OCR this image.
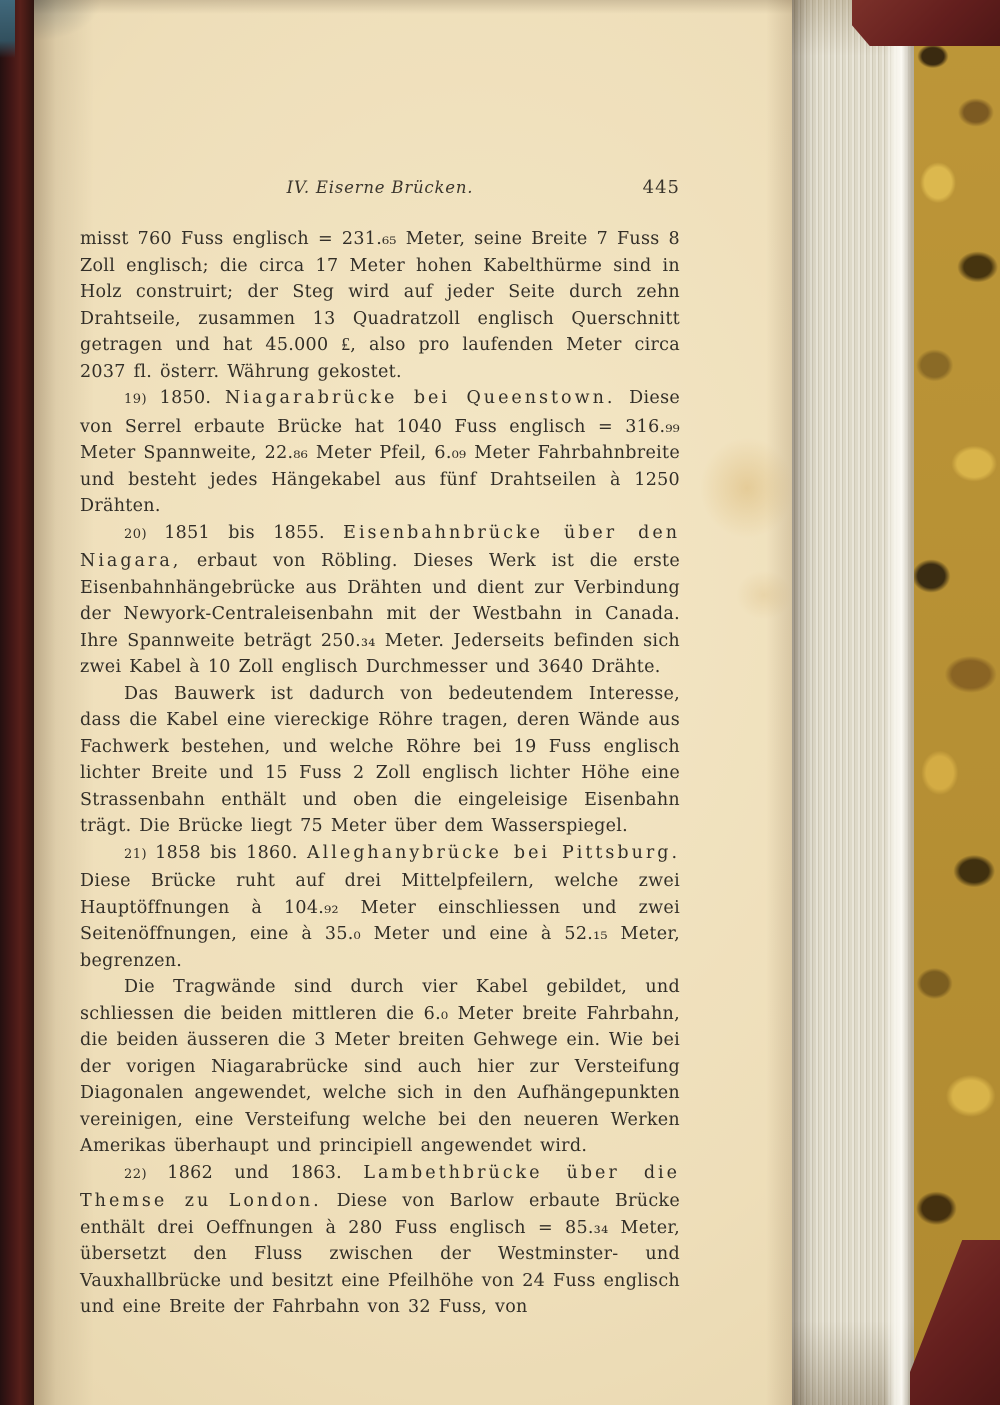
IV. Eiserne Brücken.	445

misst 760 Fuss englisch = 231.₆₅ Meter, seine Breite 7 Fuss 8 Zoll englisch; die circa 17 Meter hohen Kabelthürme sind in Holz construirt; der Steg wird auf jeder Seite durch zehn Drahtseile, zusammen 13 Quadratzoll englisch Querschnitt getragen und hat 45.000 ₤, also pro laufenden Meter circa 2037 fl. österr. Währung gekostet.

19) 1850. Niagarabrücke bei Queenstown. Diese von Serrel erbaute Brücke hat 1040 Fuss englisch = 316.₉₉ Meter Spannweite, 22.₈₆ Meter Pfeil, 6.₀₉ Meter Fahrbahnbreite und besteht jedes Hängekabel aus fünf Drahtseilen à 1250 Drähten.

20) 1851 bis 1855. Eisenbahnbrücke über den Niagara, erbaut von Röbling. Dieses Werk ist die erste Eisenbahnhängebrücke aus Drähten und dient zur Verbindung der Newyork-Centraleisenbahn mit der Westbahn in Canada. Ihre Spannweite beträgt 250.₃₄ Meter. Jederseits befinden sich zwei Kabel à 10 Zoll englisch Durchmesser und 3640 Drähte.

Das Bauwerk ist dadurch von bedeutendem Interesse, dass die Kabel eine viereckige Röhre tragen, deren Wände aus Fachwerk bestehen, und welche Röhre bei 19 Fuss englisch lichter Breite und 15 Fuss 2 Zoll englisch lichter Höhe eine Strassenbahn enthält und oben die eingeleisige Eisenbahn trägt. Die Brücke liegt 75 Meter über dem Wasserspiegel.

21) 1858 bis 1860. Alleghanybrücke bei Pittsburg. Diese Brücke ruht auf drei Mittelpfeilern, welche zwei Hauptöffnungen à 104.₉₂ Meter einschliessen und zwei Seitenöffnungen, eine à 35.₀ Meter und eine à 52.₁₅ Meter, begrenzen.

Die Tragwände sind durch vier Kabel gebildet, und schliessen die beiden mittleren die 6.₀ Meter breite Fahrbahn, die beiden äusseren die 3 Meter breiten Gehwege ein. Wie bei der vorigen Niagarabrücke sind auch hier zur Versteifung Diagonalen angewendet, welche sich in den Aufhängepunkten vereinigen, eine Versteifung welche bei den neueren Werken Amerikas überhaupt und principiell angewendet wird.

22) 1862 und 1863. Lambethbrücke über die Themse zu London. Diese von Barlow erbaute Brücke enthält drei Oeffnungen à 280 Fuss englisch = 85.₃₄ Meter, übersetzt den Fluss zwischen der Westminster- und Vauxhallbrücke und besitzt eine Pfeilhöhe von 24 Fuss englisch und eine Breite der Fahrbahn von 32 Fuss, von
